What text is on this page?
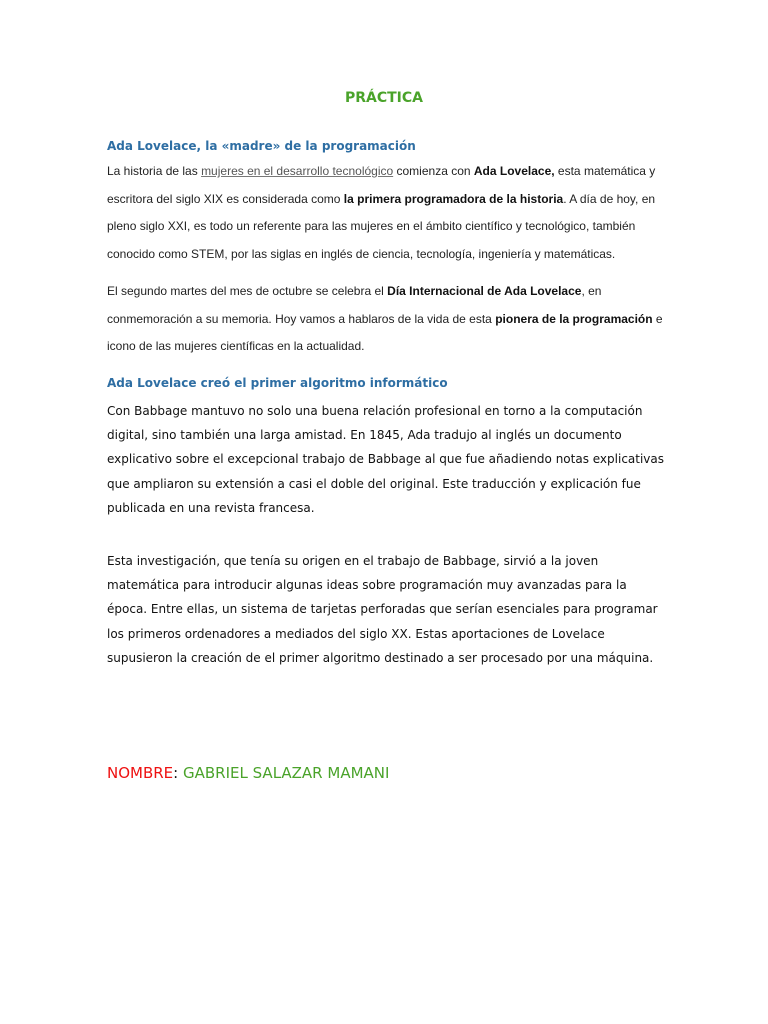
PRÁCTICA
Ada Lovelace, la «madre» de la programación

La historia de las mujeres en el desarrollo tecnológico comienza con Ada Lovelace, esta matemática y escritora del siglo XIX es considerada como la primera programadora de la historia. A día de hoy, en pleno siglo XXI, es todo un referente para las mujeres en el ámbito científico y tecnológico, también conocido como STEM, por las siglas en inglés de ciencia, tecnología, ingeniería y matemáticas.

El segundo martes del mes de octubre se celebra el Día Internacional de Ada Lovelace, en conmemoración a su memoria. Hoy vamos a hablaros de la vida de esta pionera de la programación e icono de las mujeres científicas en la actualidad.

Ada Lovelace creó el primer algoritmo informático

Con Babbage mantuvo no solo una buena relación profesional en torno a la computación digital, sino también una larga amistad. En 1845, Ada tradujo al inglés un documento explicativo sobre el excepcional trabajo de Babbage al que fue añadiendo notas explicativas que ampliaron su extensión a casi el doble del original. Este traducción y explicación fue publicada en una revista francesa.

Esta investigación, que tenía su origen en el trabajo de Babbage, sirvió a la joven matemática para introducir algunas ideas sobre programación muy avanzadas para la época. Entre ellas, un sistema de tarjetas perforadas que serían esenciales para programar los primeros ordenadores a mediados del siglo XX. Estas aportaciones de Lovelace supusieron la creación de el primer algoritmo destinado a ser procesado por una máquina.

NOMBRE: GABRIEL SALAZAR MAMANI
